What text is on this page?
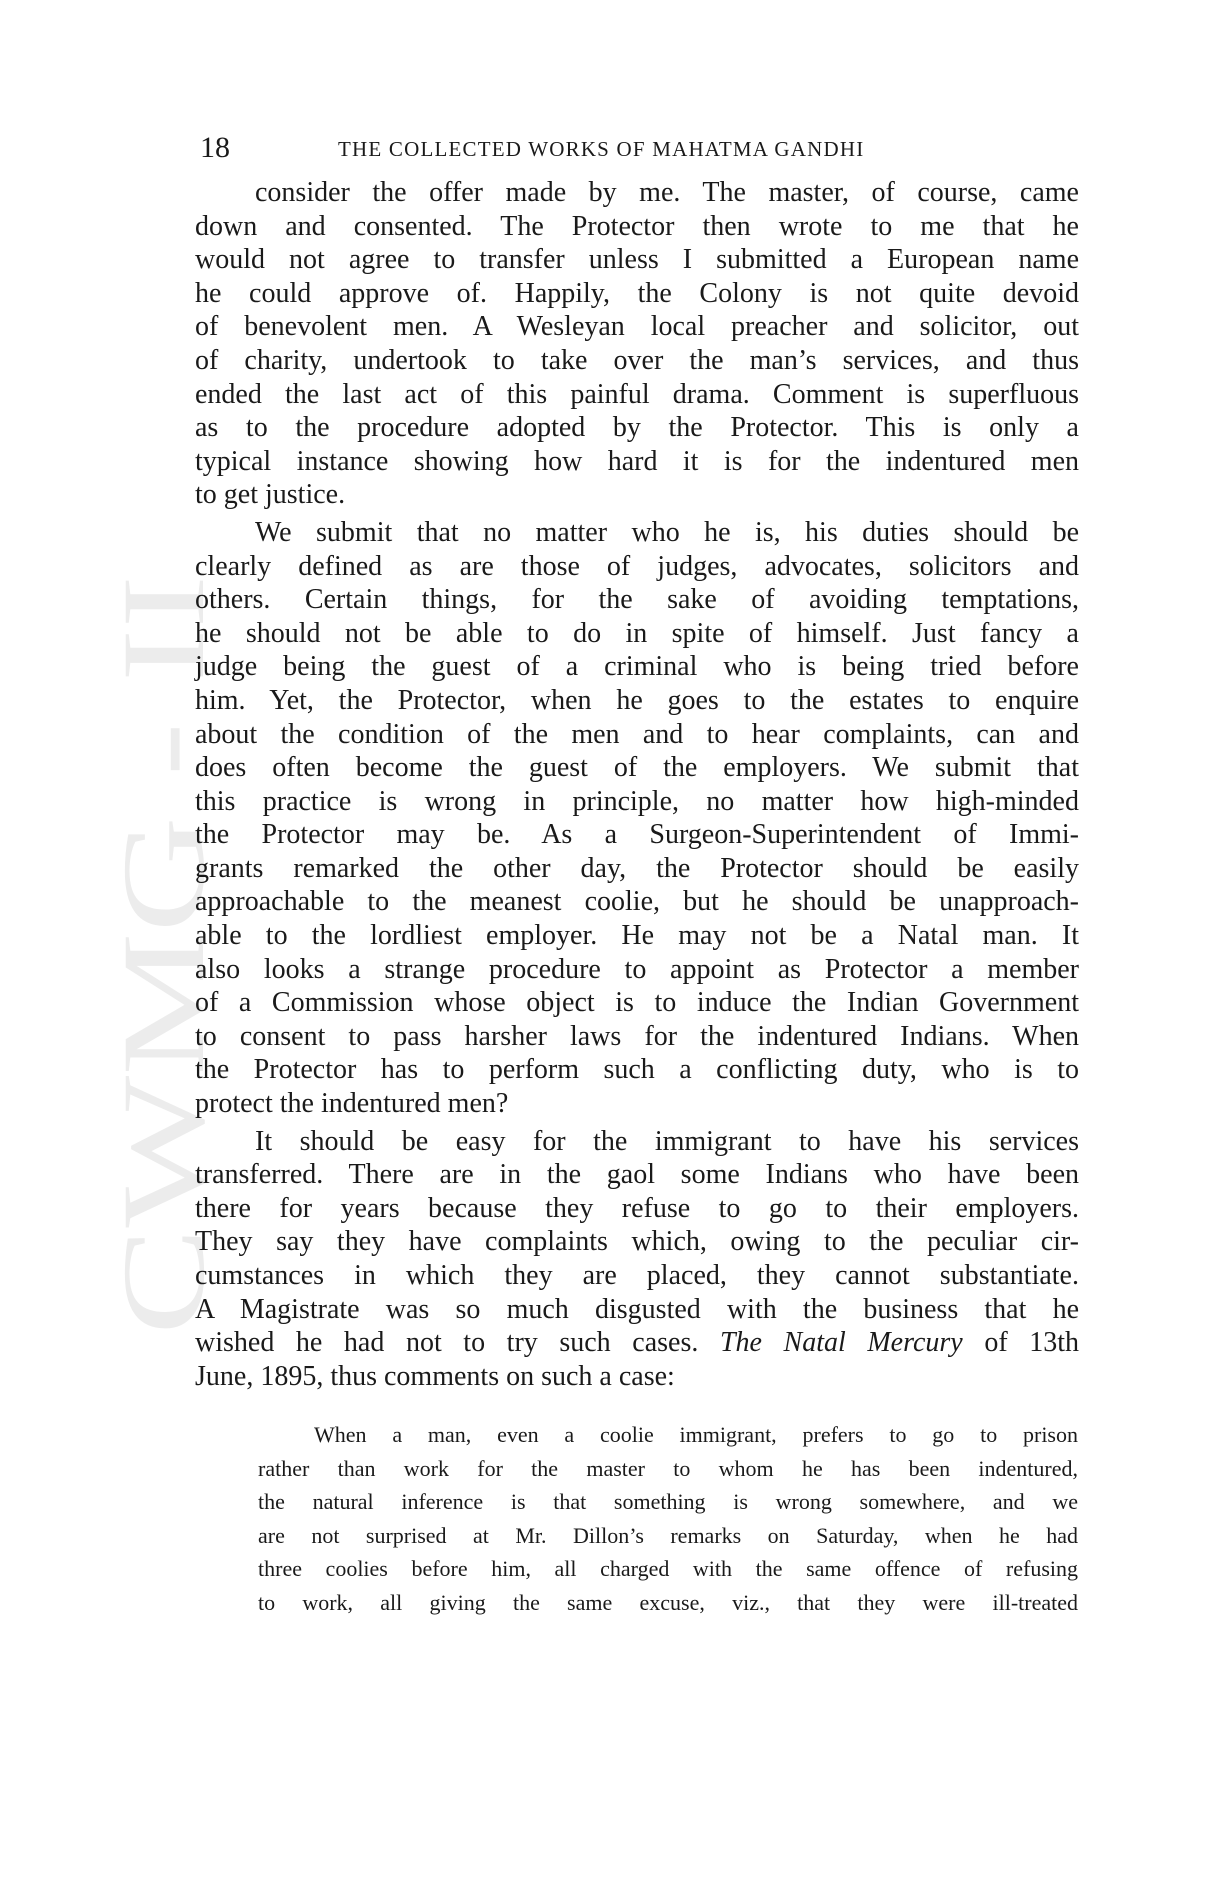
CWMG - II
18	THE COLLECTED WORKS OF MAHATMA GANDHI

consider the offer made by me. The master, of course, came

down and consented. The Protector then wrote to me that he

would not agree to transfer unless I submitted a European name

he could approve of. Happily, the Colony is not quite devoid

of benevolent men. A Wesleyan local preacher and solicitor, out

of charity, undertook to take over the man’s services, and thus

ended the last act of this painful drama. Comment is superfluous

as to the procedure adopted by the Protector. This is only a

typical instance showing how hard it is for the indentured men

to get justice.

We submit that no matter who he is, his duties should be

clearly defined as are those of judges, advocates, solicitors and

others. Certain things, for the sake of avoiding temptations,

he should not be able to do in spite of himself. Just fancy a

judge being the guest of a criminal who is being tried before

him. Yet, the Protector, when he goes to the estates to enquire

about the condition of the men and to hear complaints, can and

does often become the guest of the employers. We submit that

this practice is wrong in principle, no matter how high-minded

the Protector may be. As a Surgeon-Superintendent of Immi-

grants remarked the other day, the Protector should be easily

approachable to the meanest coolie, but he should be unapproach-

able to the lordliest employer. He may not be a Natal man. It

also looks a strange procedure to appoint as Protector a member

of a Commission whose object is to induce the Indian Government

to consent to pass harsher laws for the indentured Indians. When

the Protector has to perform such a conflicting duty, who is to

protect the indentured men?

It should be easy for the immigrant to have his services

transferred. There are in the gaol some Indians who have been

there for years because they refuse to go to their employers.

They say they have complaints which, owing to the peculiar cir-

cumstances in which they are placed, they cannot substantiate.

A Magistrate was so much disgusted with the business that he

wished he had not to try such cases. The Natal Mercury of 13th

June, 1895, thus comments on such a case:

When a man, even a coolie immigrant, prefers to go to prison

rather than work for the master to whom he has been indentured,

the natural inference is that something is wrong somewhere, and we

are not surprised at Mr. Dillon’s remarks on Saturday, when he had

three coolies before him, all charged with the same offence of refusing

to work, all giving the same excuse, viz., that they were ill-treated
